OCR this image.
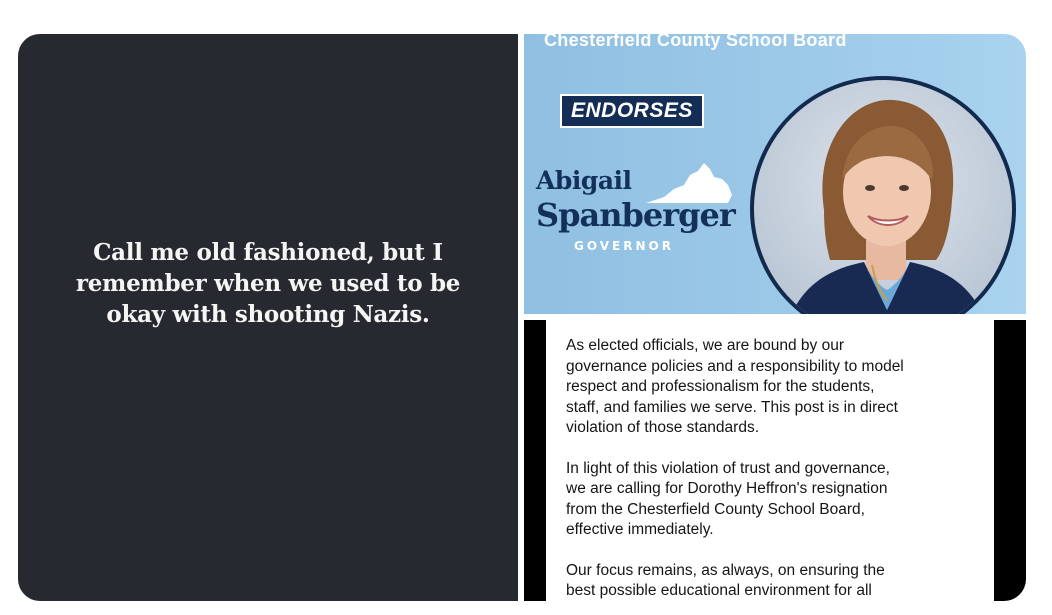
Call me old fashioned, but I remember when we used to be okay with shooting Nazis.

Chesterfield County School Board

ENDORSES

Abigail

Spanberger

GOVERNOR

As elected officials, we are bound by our
governance policies and a responsibility to model
respect and professionalism for the students,
staff, and families we serve. This post is in direct
violation of those standards.

In light of this violation of trust and governance,
we are calling for Dorothy Heffron's resignation
from the Chesterfield County School Board,
effective immediately.

Our focus remains, as always, on ensuring the
best possible educational environment for all
